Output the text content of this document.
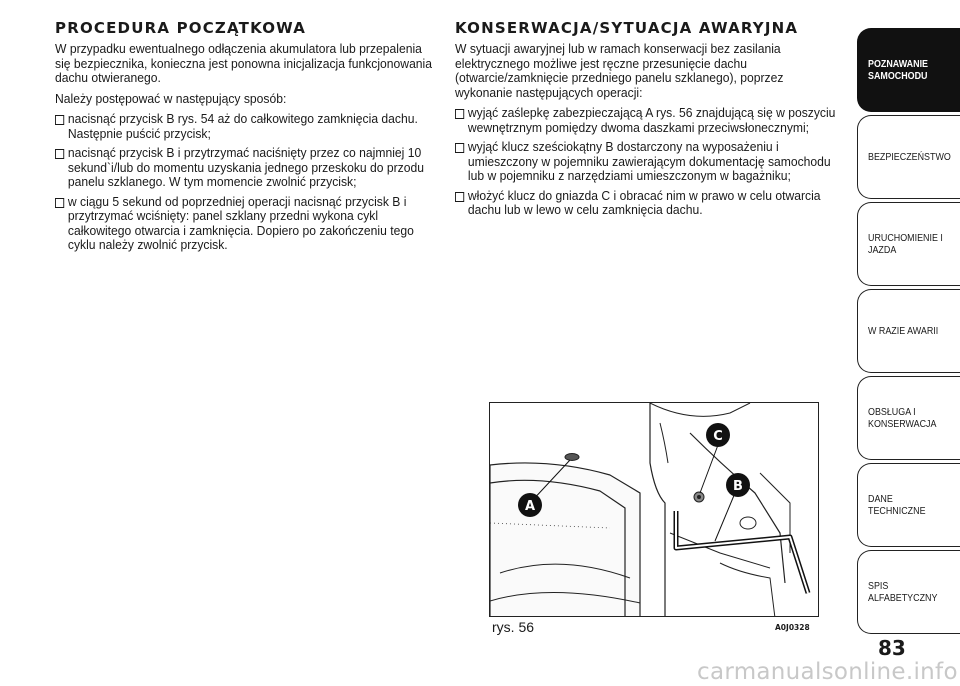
PROCEDURA POCZĄTKOWA

W przypadku ewentualnego odłączenia akumulatora lub przepalenia się bezpiecznika, konieczna jest ponowna inicjalizacja funkcjonowania dachu otwieranego.

Należy postępować w następujący sposób:

nacisnąć przycisk B rys. 54 aż do całkowitego zamknięcia dachu. Następnie puścić przycisk;
nacisnąć przycisk B i przytrzymać naciśnięty przez co najmniej 10 sekund`i/lub do momentu uzyskania jednego przeskoku do przodu panelu szklanego. W tym momencie zwolnić przycisk;
w ciągu 5 sekund od poprzedniej operacji nacisnąć przycisk B i przytrzymać wciśnięty: panel szklany przedni wykona cykl całkowitego otwarcia i zamknięcia. Dopiero po zakończeniu tego cyklu należy zwolnić przycisk.
KONSERWACJA/SYTUACJA AWARYJNA

W sytuacji awaryjnej lub w ramach konserwacji bez zasilania elektrycznego możliwe jest ręczne przesunięcie dachu (otwarcie/zamknięcie przedniego panelu szklanego), poprzez wykonanie następujących operacji:

wyjąć zaślepkę zabezpieczającą A rys. 56 znajdującą się w poszyciu wewnętrznym pomiędzy dwoma daszkami przeciwsłonecznymi;
wyjąć klucz sześciokątny B dostarczony na wyposażeniu i umieszczony w pojemniku zawierającym dokumentację samochodu lub w pojemniku z narzędziami umieszczonym w bagażniku;
włożyć klucz do gniazda C i obracać nim w prawo w celu otwarcia dachu lub w lewo w celu zamknięcia dachu.
A
B
C
rys. 56	A0J0328
POZNAWANIE SAMOCHODU
BEZPIECZEŃSTWO
URUCHOMIENIE I JAZDA
W RAZIE AWARII
OBSŁUGA I KONSERWACJA
DANE TECHNICZNE
SPIS ALFABETYCZNY
83
carmanualsonline.info
